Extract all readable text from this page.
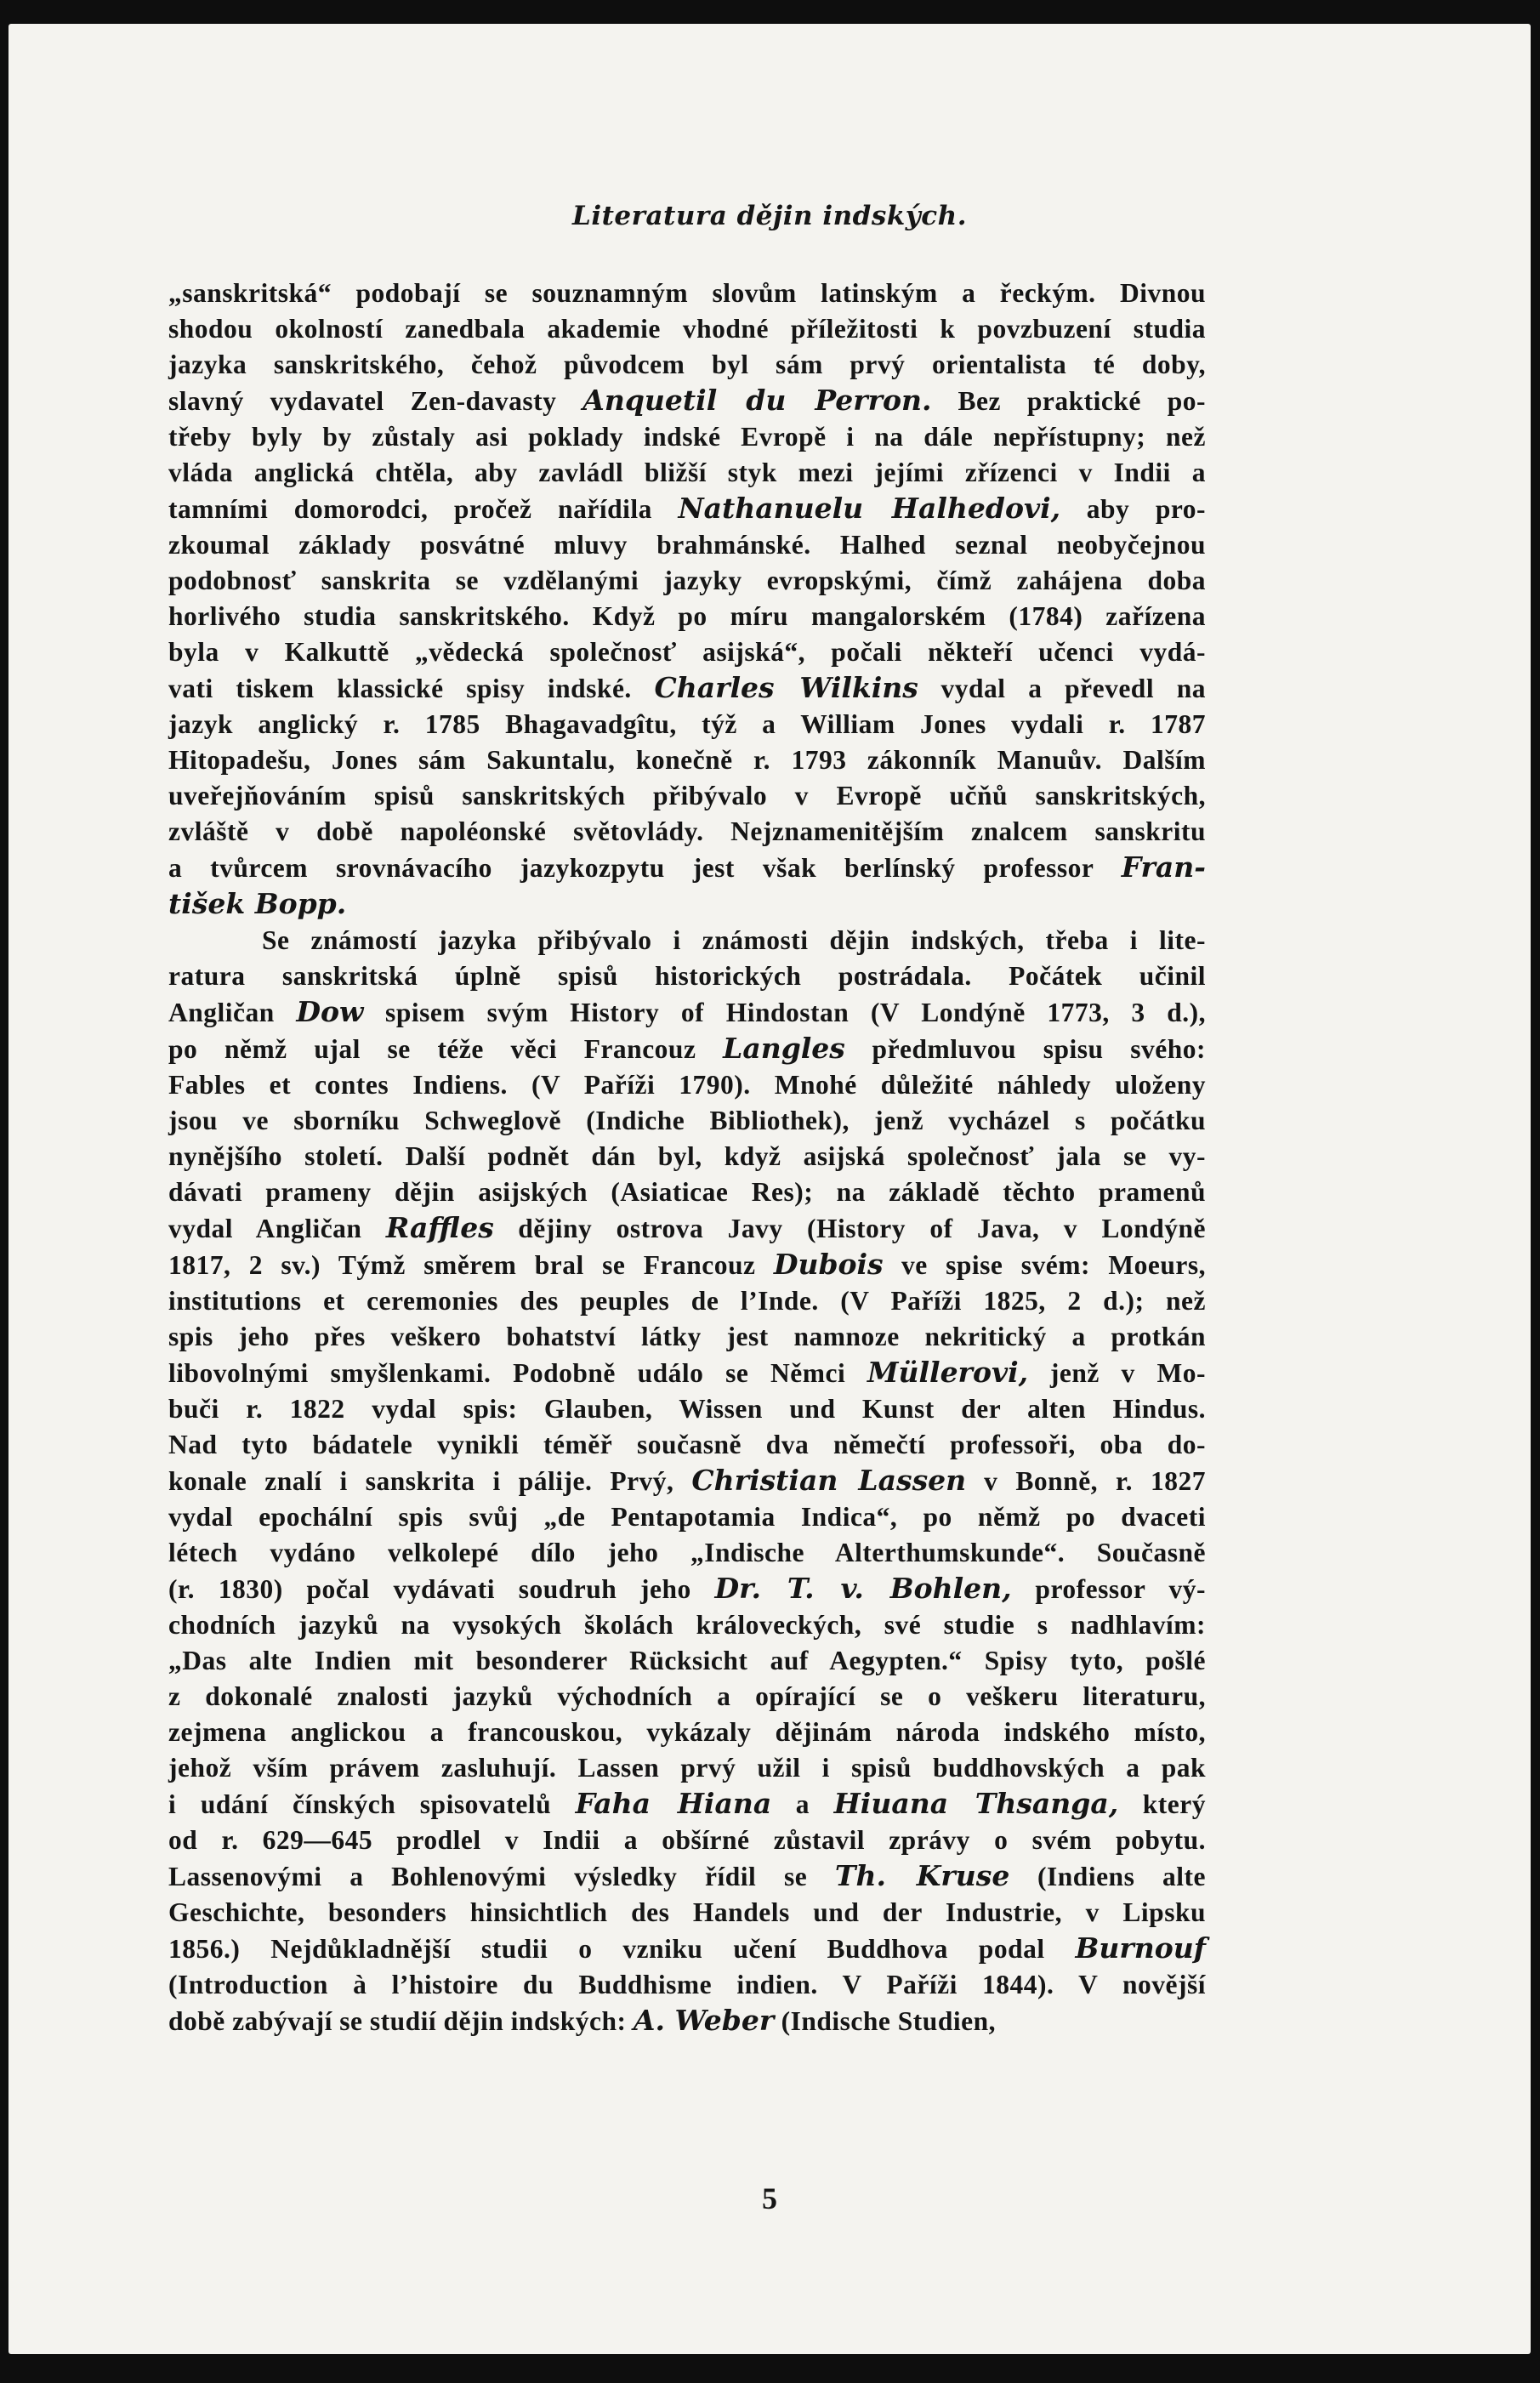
Literatura dějin indských.
„sanskritská“ podobají se souznamným slovům latinským a řeckým. Divnou
shodou okolností zanedbala akademie vhodné příležitosti k povzbuzení studia
jazyka sanskritského, čehož původcem byl sám prvý orientalista té doby,
slavný vydavatel Zen-davasty Anquetil du Perron. Bez praktické po-
třeby byly by zůstaly asi poklady indské Evropě i na dále nepřístupny; než
vláda anglická chtěla, aby zavládl bližší styk mezi jejími zřízenci v Indii a
tamními domorodci, pročež nařídila Nathanuelu Halhedovi, aby pro-
zkoumal základy posvátné mluvy brahmánské. Halhed seznal neobyčejnou
podobnosť sanskrita se vzdělanými jazyky evropskými, čímž zahájena doba
horlivého studia sanskritského. Když po míru mangalorském (1784) zařízena
byla v Kalkuttě „vědecká společnosť asijská“, počali někteří učenci vydá-
vati tiskem klassické spisy indské. Charles Wilkins vydal a převedl na
jazyk anglický r. 1785 Bhagavadgîtu, týž a William Jones vydali r. 1787
Hitopadešu, Jones sám Sakuntalu, konečně r. 1793 zákonník Manuův. Dalším
uveřejňováním spisů sanskritských přibývalo v Evropě učňů sanskritských,
zvláště v době napoléonské světovlády. Nejznamenitějším znalcem sanskritu
a tvůrcem srovnávacího jazykozpytu jest však berlínský professor Fran-
tišek Bopp.
Se známostí jazyka přibývalo i známosti dějin indských, třeba i lite-
ratura sanskritská úplně spisů historických postrádala. Počátek učinil
Angličan Dow spisem svým History of Hindostan (V Londýně 1773, 3 d.),
po němž ujal se téže věci Francouz Langles předmluvou spisu svého:
Fables et contes Indiens. (V Paříži 1790). Mnohé důležité náhledy uloženy
jsou ve sborníku Schweglově (Indiche Bibliothek), jenž vycházel s počátku
nynějšího století. Další podnět dán byl, když asijská společnosť jala se vy-
dávati prameny dějin asijských (Asiaticae Res); na základě těchto pramenů
vydal Angličan Raffles dějiny ostrova Javy (History of Java, v Londýně
1817, 2 sv.) Týmž směrem bral se Francouz Dubois ve spise svém: Moeurs,
institutions et ceremonies des peuples de l’Inde. (V Paříži 1825, 2 d.); než
spis jeho přes veškero bohatství látky jest namnoze nekritický a protkán
libovolnými smyšlenkami. Podobně událo se Němci Müllerovi, jenž v Mo-
buči r. 1822 vydal spis: Glauben, Wissen und Kunst der alten Hindus.
Nad tyto bádatele vynikli téměř současně dva němečtí professoři, oba do-
konale znalí i sanskrita i pálije. Prvý, Christian Lassen v Bonně, r. 1827
vydal epochální spis svůj „de Pentapotamia Indica“, po němž po dvaceti
létech vydáno velkolepé dílo jeho „Indische Alterthumskunde“. Současně
(r. 1830) počal vydávati soudruh jeho Dr. T. v. Bohlen, professor vý-
chodních jazyků na vysokých školách královeckých, své studie s nadhlavím:
„Das alte Indien mit besonderer Rücksicht auf Aegypten.“ Spisy tyto, pošlé
z dokonalé znalosti jazyků východních a opírající se o veškeru literaturu,
zejmena anglickou a francouskou, vykázaly dějinám národa indského místo,
jehož vším právem zasluhují. Lassen prvý užil i spisů buddhovských a pak
i udání čínských spisovatelů Faha Hiana a Hiuana Thsanga, který
od r. 629—645 prodlel v Indii a obšírné zůstavil zprávy o svém pobytu.
Lassenovými a Bohlenovými výsledky řídil se Th. Kruse (Indiens alte
Geschichte, besonders hinsichtlich des Handels und der Industrie, v Lipsku
1856.) Nejdůkladnější studii o vzniku učení Buddhova podal Burnouf
(Introduction à l’histoire du Buddhisme indien. V Paříži 1844). V novější
době zabývají se studií dějin indských: A. Weber (Indische Studien,
5
